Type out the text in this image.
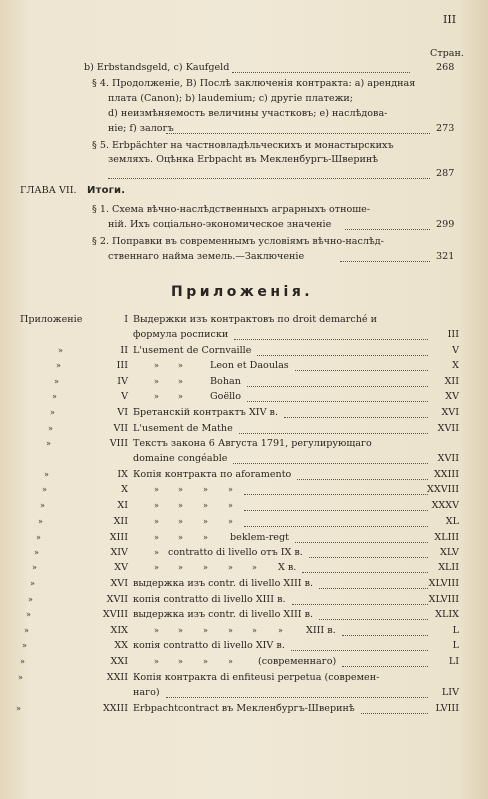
III
Стран.
b) Erbstandsgeld, c) Kaufgeld	268
§ 4. Продолженіе, B) Послѣ заключенія контракта: a) арендная
плата (Canon); b) laudemium; c) другіе платежи;
d) неизмѣняемость величины участковъ; e) наслѣдова-
ніе; f) залогъ	273
§ 5. Erbpächter на частновладѣльческихъ и монастырскихъ
земляхъ. Оцѣнка Erbpacht въ Мекленбургъ-Шверинѣ
287
ГЛАВА VII. Итоги.
§ 1. Схема вѣчно-наслѣдственныхъ аграрныхъ отноше-
ній. Ихъ соціально-экономическое значеніе	299
§ 2. Поправки въ современнымъ условіямъ вѣчно-наслѣд-
ственнаго найма земель.—Заключеніе	321
Приложенія.
Приложеніе	I Выдержки изъ контрактовъ по droit demarché и
формула роспиcки	III
»	II L'usement de Cornvaille	V
»	III	» »	Leon et Daoulas	X
»	IV	» »	Bohan	XII
»	V	» »	Goëllo	XV
»	VI Бретанскій контрактъ XIV в.	XVI
»	VII L'usement de Mathe	XVII
»	VIII Текстъ закона 6 Августа 1791, регулирующаго
domaine congéable	XVII
»	IX Копія контракта по aforamento	XXIII
»	X	» »	»	»	XXVIII
»	XI	» »	»	»	XXXV
»	XII	» »	»	»	XL
»	XIII	» »	» beklem-regt	XLIII
»	XIV	» contratto di livello отъ IX в.	XLV
»	XV	» »	»	» » X в.	XLII
»	XVI выдержка изъ contr. di livello XIII в.	XLVIII
»	XVII копія contratto di livello XIII в.	XLVIII
»	XVIII выдержка изъ contr. di livello XIII в.	XLIX
»	XIX	» »	»	» »	» XIII в.	L
»	XX копія contratto di livello XIV в.	L
»	XXI	» »	»	»	(современнаго)	LI
»	XXII Копія контракта di enfiteusi perpetua (современ-
наго)	LIV
»	XXIII Erbpachtcontract въ Мекленбургъ-Шверинѣ	LVIII
